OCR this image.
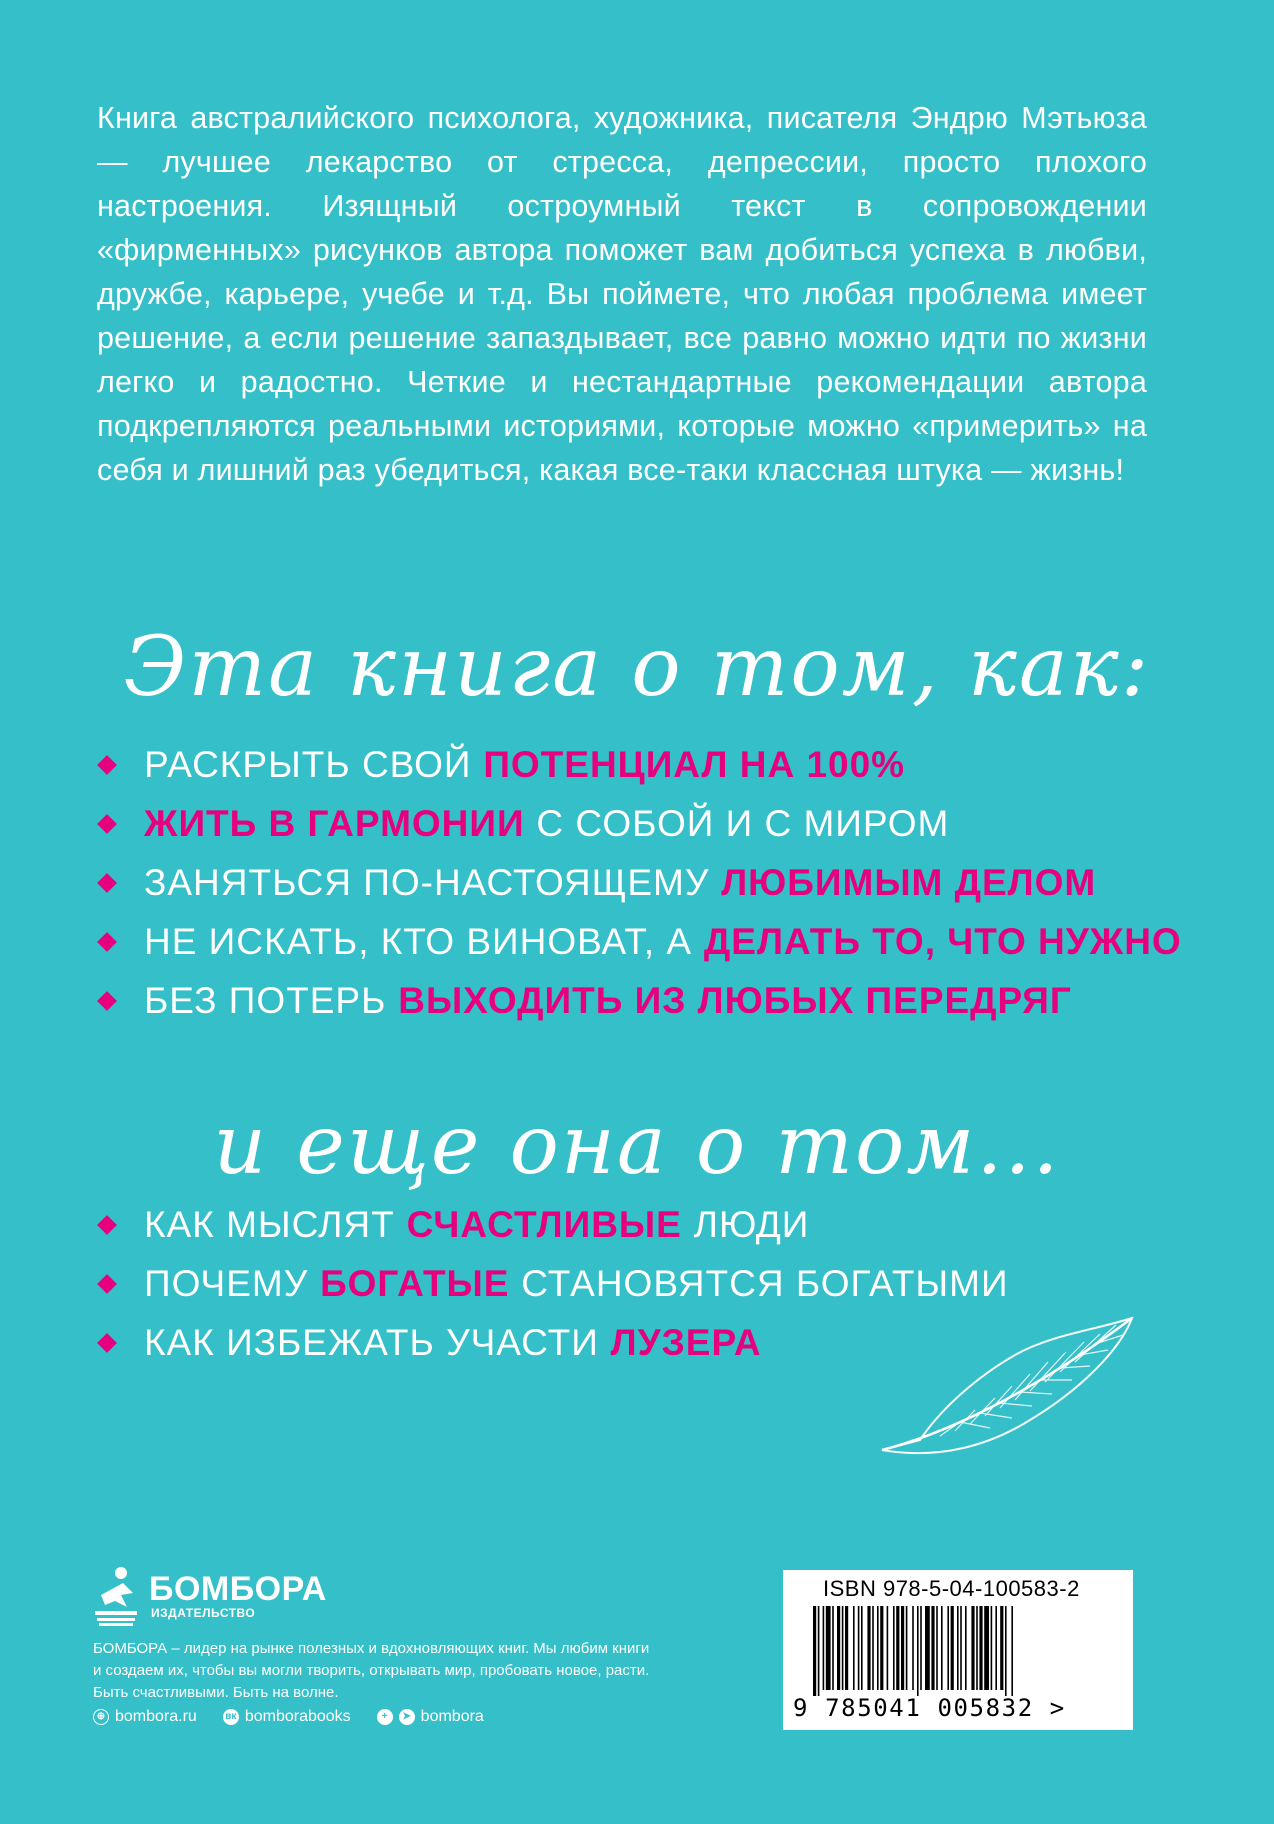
Книга австралийского психолога, художника, писателя Эндрю Мэтьюза — лучшее лекарство от стресса, депрессии, просто плохого настроения. Изящный остроумный текст в сопровождении «фирменных» рисунков автора поможет вам добиться успеха в любви, дружбе, карьере, учебе и т.д. Вы поймете, что любая проблема имеет решение, а если решение запаздывает, все равно можно идти по жизни легко и радостно. Четкие и нестандартные рекомендации автора подкрепляются реальными историями, которые можно «примерить» на себя и лишний раз убедиться, какая все-таки классная штука — жизнь!
Эта книга о том, как:
РАСКРЫТЬ СВОЙ ПОТЕНЦИАЛ НА 100%
ЖИТЬ В ГАРМОНИИ С СОБОЙ И С МИРОМ
ЗАНЯТЬСЯ ПО-НАСТОЯЩЕМУ ЛЮБИМЫМ ДЕЛОМ
НЕ ИСКАТЬ, КТО ВИНОВАТ, А ДЕЛАТЬ ТО, ЧТО НУЖНО
БЕЗ ПОТЕРЬ ВЫХОДИТЬ ИЗ ЛЮБЫХ ПЕРЕДРЯГ
и еще она о том...
КАК МЫСЛЯТ СЧАСТЛИВЫЕ ЛЮДИ
ПОЧЕМУ БОГАТЫЕ СТАНОВЯТСЯ БОГАТЫМИ
КАК ИЗБЕЖАТЬ УЧАСТИ ЛУЗЕРА
БОМБОРА
ИЗДАТЕЛЬСТВО
БОМБОРА – лидер на рынке полезных и вдохновляющих книг. Мы любим книги и создаем их, чтобы вы могли творить, открывать мир, пробовать новое, расти. Быть счастливыми. Быть на волне.
⊕ bombora.ru	вк bomborabooks	+	➤ bombora
ISBN 978-5-04-100583-2
9 785041 005832 >
